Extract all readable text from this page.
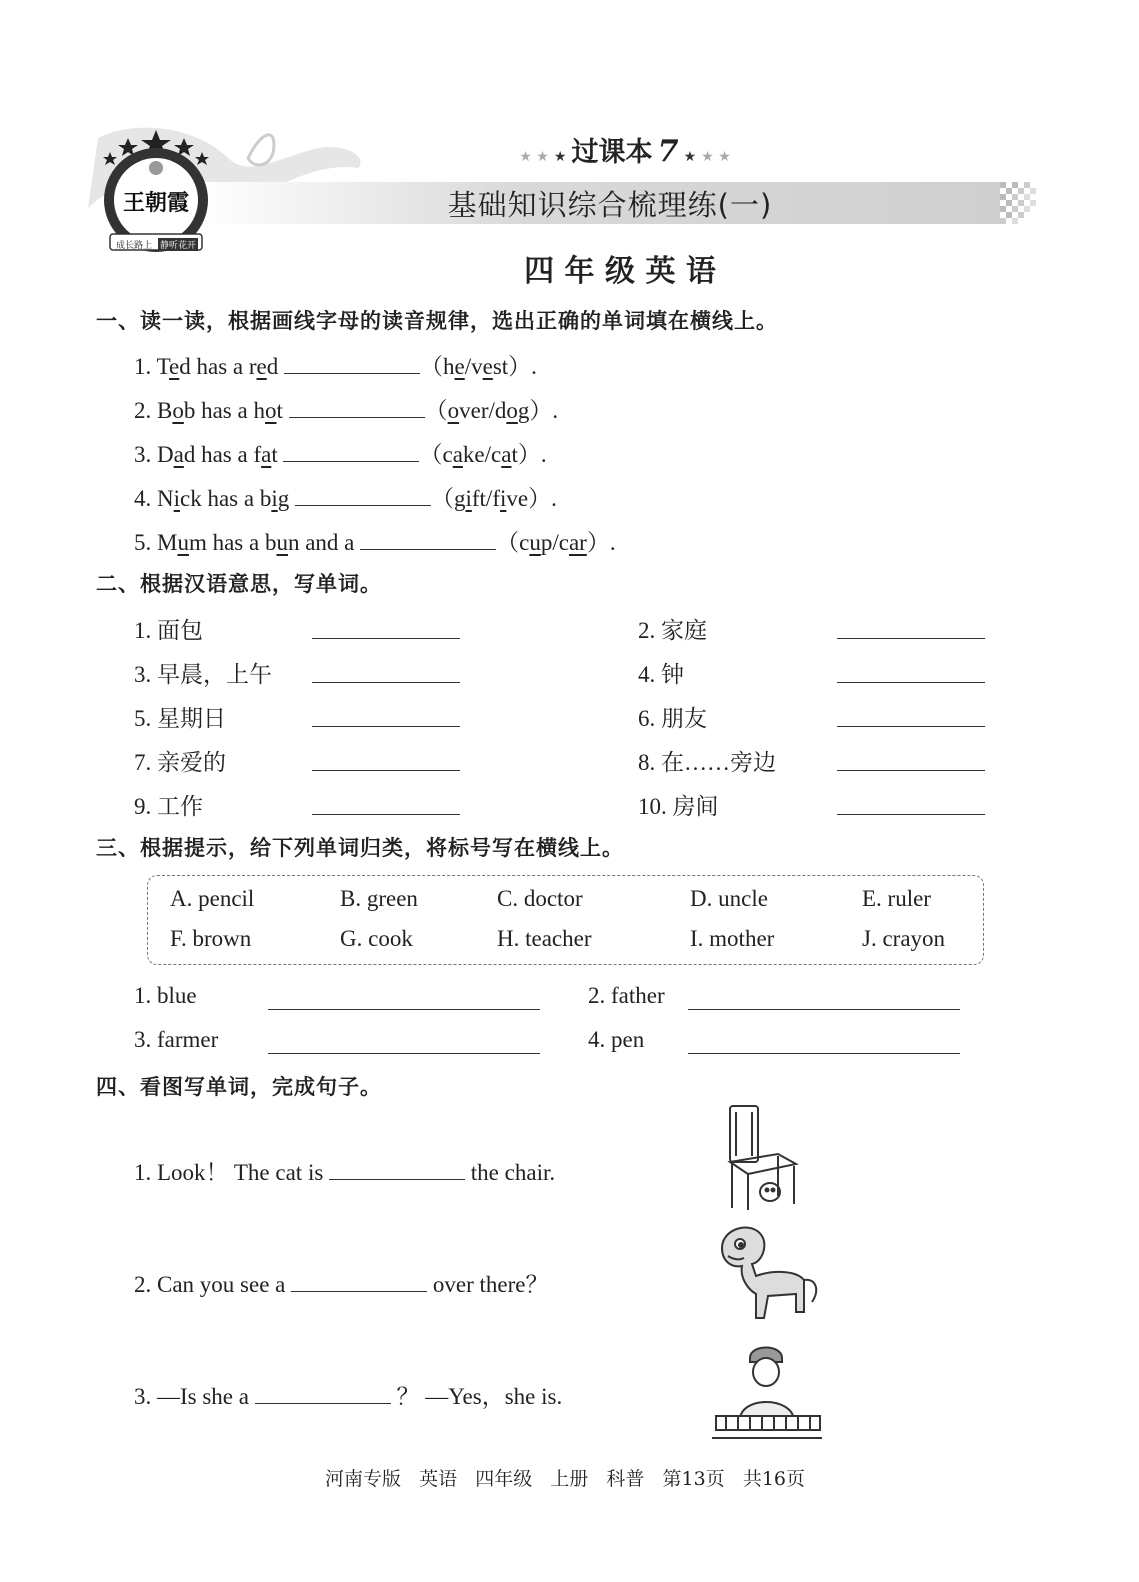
王朝霞
成长路上 静听花开
★ ★ ★ 过课本 7 ★ ★ ★
基础知识综合梳理练(一)
四 年 级 英 语
一、读一读，根据画线字母的读音规律，选出正确的单词填在横线上。
1. Ted has a red	（he/vest）.
2. Bob has a hot	（over/dog）.
3. Dad has a fat	（cake/cat）.
4. Nick has a big	（gift/five）.
5. Mum has a bun and a	（cup/car）.
二、根据汉语意思，写单词。
1. 面包	2. 家庭
3. 早晨，上午	4. 钟
5. 星期日	6. 朋友
7. 亲爱的	8. 在……旁边
9. 工作	10. 房间
三、根据提示，给下列单词归类，将标号写在横线上。
A. pencil	B. green	C. doctor	D. uncle	E. ruler
F. brown	G. cook	H. teacher	I. mother	J. crayon
1. blue	2. father
3. farmer	4. pen
四、看图写单词，完成句子。
1. Look！ The cat is	the chair.
2. Can you see a	over there？
3. —Is she a	？ —Yes，she is.
河南专版   英语   四年级   上册   科普   第13页   共16页
